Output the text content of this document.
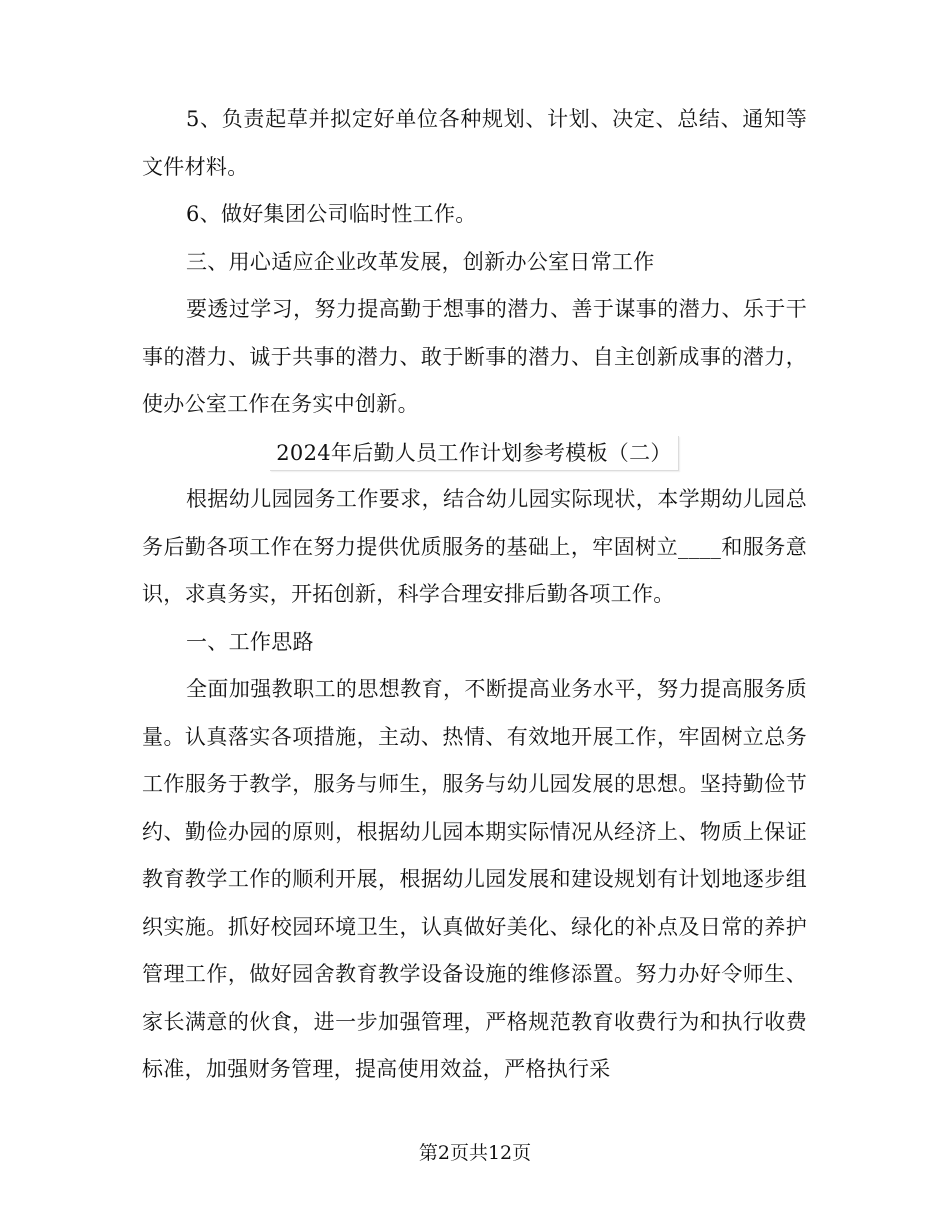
5、负责起草并拟定好单位各种规划、计划、决定、总结、通知等文件材料。

6、做好集团公司临时性工作。

三、用心适应企业改革发展，创新办公室日常工作

要透过学习，努力提高勤于想事的潜力、善于谋事的潜力、乐于干事的潜力、诚于共事的潜力、敢于断事的潜力、自主创新成事的潜力，使办公室工作在务实中创新。

2024年后勤人员工作计划参考模板（二）

根据幼儿园园务工作要求，结合幼儿园实际现状，本学期幼儿园总务后勤各项工作在努力提供优质服务的基础上，牢固树立____和服务意识，求真务实，开拓创新，科学合理安排后勤各项工作。

一、工作思路

全面加强教职工的思想教育，不断提高业务水平，努力提高服务质量。认真落实各项措施，主动、热情、有效地开展工作，牢固树立总务工作服务于教学，服务与师生，服务与幼儿园发展的思想。坚持勤俭节约、勤俭办园的原则，根据幼儿园本期实际情况从经济上、物质上保证教育教学工作的顺利开展，根据幼儿园发展和建设规划有计划地逐步组织实施。抓好校园环境卫生，认真做好美化、绿化的补点及日常的养护管理工作，做好园舍教育教学设备设施的维修添置。努力办好令师生、家长满意的伙食，进一步加强管理，严格规范教育收费行为和执行收费标准，加强财务管理，提高使用效益，严格执行采

第2页共12页
